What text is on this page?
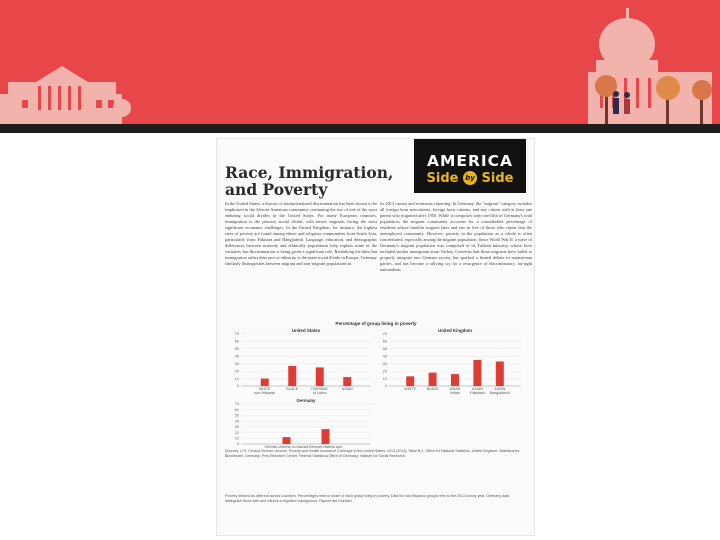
Race, Immigration,
and Poverty
AMERICA
Side by Side
In the United States, a history of institutionalized discrimination has been shown to be implicated in the African American community continuing the rise of one of the most enduring social divides in the United States. For many European countries, immigration is the primary social divide, with newer migrants facing the most significant economic challenges. In the United Kingdom, for instance, the highest rates of poverty are found among ethnic and religious communities from South Asia, particularly from Pakistan and Bangladesh. Language, education, and demographic differences between minority and ethnically populations help explain some of the variation, but discrimination is being given a significant role. Rethinking the idea that immigration rather than race or ethnicity is the main social divide in Europe, Germany similarly distinguishes between migrant and non-migrant populations in
its 2013 census and economic reporting. In Germany, the "migrant" category includes all foreign born noncitizens, foreign born citizens, and any citizen with at least one parent who migrated after 1950. While it comprises only one-fifth of Germany's total population, the migrant community accounts for a considerable percentage of residents whose families migrate later and one in five of those who report that the unemployed community. However, poverty in the population as a whole is often concentrated, especially among the migrant population. Since World War II, a wave of Germany's migrant population was comprised of its Turkish minority, whose lives included similar immigrants from Turkey. Concerns that those migrants have failed to properly integrate into German society has sparked a heated debate in mainstream parties, and has become a rallying cry for a resurgence of discriminatory, far-right nationalism.
Percentage of group living in poverty
United States
0
10
20
30
40
50
60
70
WHITE
non-Hispanic
BLACK	HISPANIC
of Latino
ASIAN
United Kingdom
0
10
20
30
40
50
60
70
WHITE	BLACK	ASIAN
Indian
ASIAN
Pakistani
ASIAN
Bangladeshi
Germany
0
10
20
30
40
50
60
70
German citizens no migrant German citizens and
Sources: U.S. Census Bureau, Income, Poverty and Health Insurance Coverage in the United States: 2013 (2014), Table B-1. Office for National Statistics, United Kingdom; Statistisches Bundesamt, Germany; Pew Research Center; Federal Statistical Office of Germany; Institute for Social Research.
Poverty defined as different across countries. Percentages refer to share of each group living in poverty. Data for non-Hispanic groups refer to the 2013 survey year. Germany data distinguish those with and without a migration background. Figures are rounded.
